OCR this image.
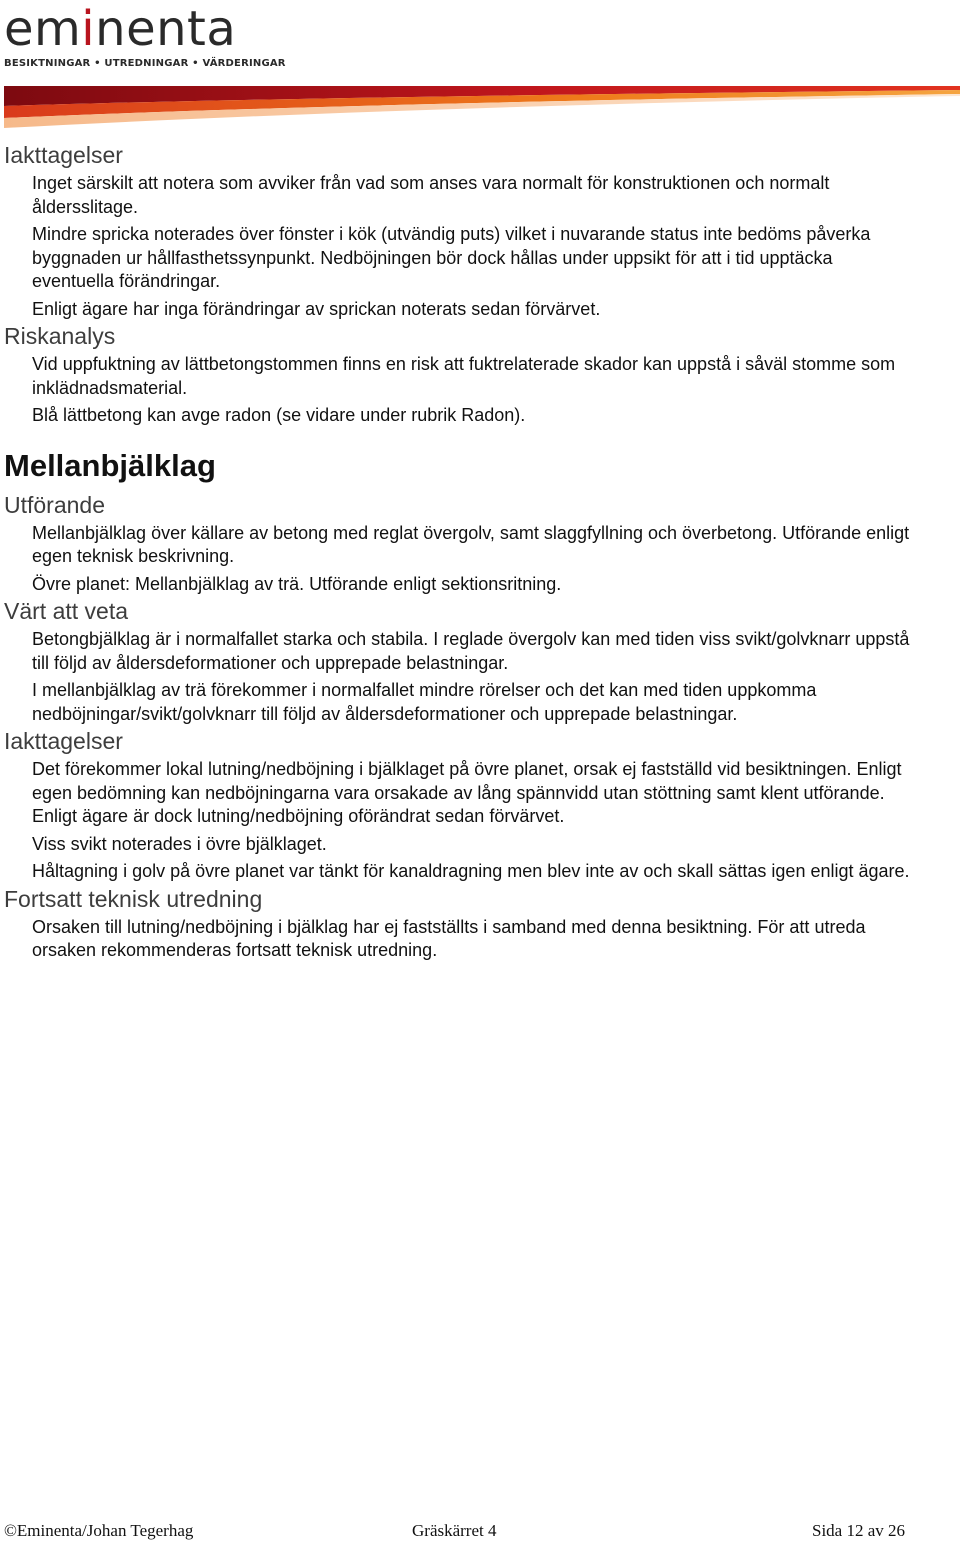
eminenta
BESIKTNINGAR • UTREDNINGAR • VÄRDERINGAR
Iakttagelser

Inget särskilt att notera som avviker från vad som anses vara normalt för konstruktionen och normalt åldersslitage.

Mindre spricka noterades över fönster i kök (utvändig puts) vilket i nuvarande status inte bedöms påverka byggnaden ur hållfasthetssynpunkt. Nedböjningen bör dock hållas under uppsikt för att i tid upptäcka eventuella förändringar.

Enligt ägare har inga förändringar av sprickan noterats sedan förvärvet.

Riskanalys

Vid uppfuktning av lättbetongstommen finns en risk att fuktrelaterade skador kan uppstå i såväl stomme som inklädnadsmaterial.

Blå lättbetong kan avge radon (se vidare under rubrik Radon).

Mellanbjälklag
Utförande

Mellanbjälklag över källare av betong med reglat övergolv, samt slaggfyllning och överbetong. Utförande enligt egen teknisk beskrivning.

Övre planet: Mellanbjälklag av trä. Utförande enligt sektionsritning.

Värt att veta

Betongbjälklag är i normalfallet starka och stabila. I reglade övergolv kan med tiden viss svikt/golvknarr uppstå till följd av åldersdeformationer och upprepade belastningar.

I mellanbjälklag av trä förekommer i normalfallet mindre rörelser och det kan med tiden uppkomma nedböjningar/svikt/golvknarr till följd av åldersdeformationer och upprepade belastningar.

Iakttagelser

Det förekommer lokal lutning/nedböjning i bjälklaget på övre planet, orsak ej fastställd vid besiktningen. Enligt egen bedömning kan nedböjningarna vara orsakade av lång spännvidd utan stöttning samt klent utförande. Enligt ägare är dock lutning/nedböjning oförändrat sedan förvärvet.

Viss svikt noterades i övre bjälklaget.

Håltagning i golv på övre planet var tänkt för kanaldragning men blev inte av och skall sättas igen enligt ägare.

Fortsatt teknisk utredning

Orsaken till lutning/nedböjning i bjälklag har ej fastställts i samband med denna besiktning. För att utreda orsaken rekommenderas fortsatt teknisk utredning.

©Eminenta/Johan Tegerhag	Gräskärret 4	Sida 12 av 26
